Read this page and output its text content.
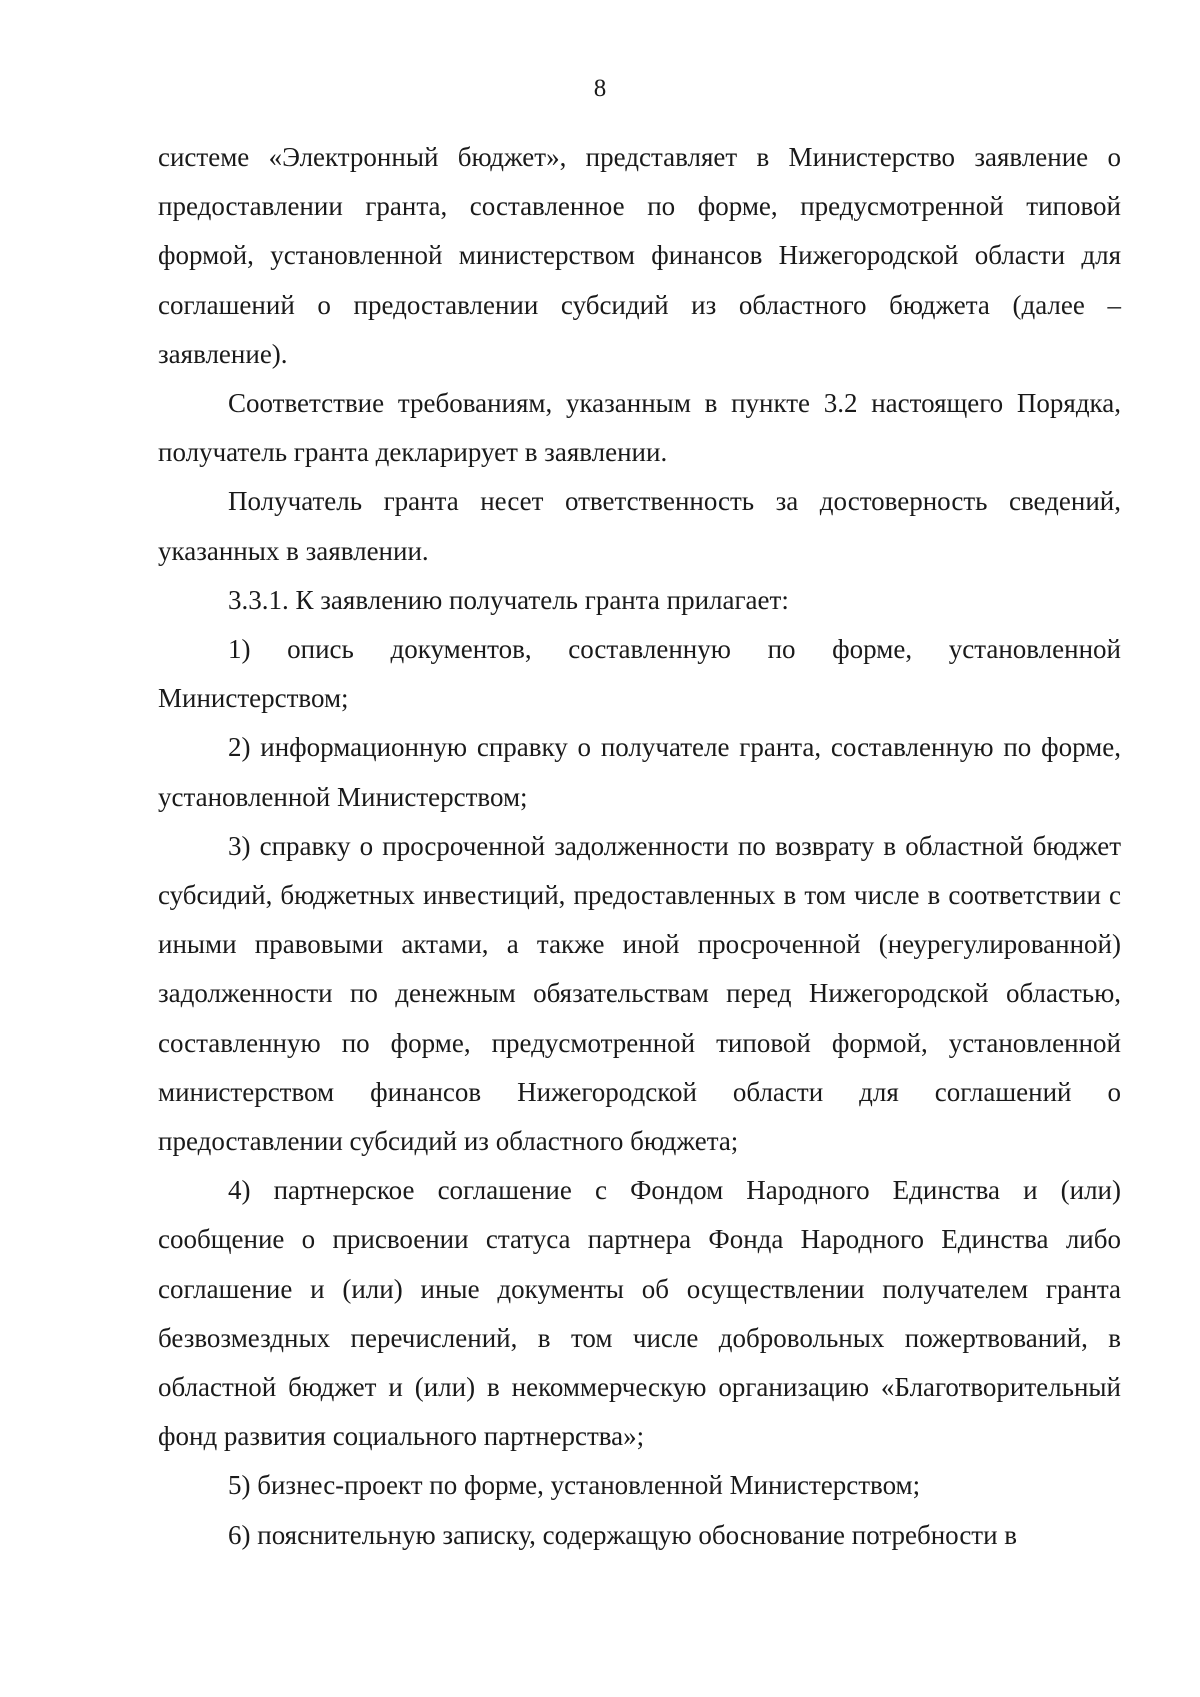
8

системе «Электронный бюджет», представляет в Министерство заявление о предоставлении гранта, составленное по форме, предусмотренной типовой формой, установленной министерством финансов Нижегородской области для соглашений о предоставлении субсидий из областного бюджета (далее – заявление).

Соответствие требованиям, указанным в пункте 3.2 настоящего Порядка, получатель гранта декларирует в заявлении.

Получатель гранта несет ответственность за достоверность сведений, указанных в заявлении.

3.3.1. К заявлению получатель гранта прилагает:

1) опись документов, составленную по форме, установленной Министерством;

2) информационную справку о получателе гранта, составленную по форме, установленной Министерством;

3) справку о просроченной задолженности по возврату в областной бюджет субсидий, бюджетных инвестиций, предоставленных в том числе в соответствии с иными правовыми актами, а также иной просроченной (неурегулированной) задолженности по денежным обязательствам перед Нижегородской областью, составленную по форме, предусмотренной типовой формой, установленной министерством финансов Нижегородской области для соглашений о предоставлении субсидий из областного бюджета;

4) партнерское соглашение с Фондом Народного Единства и (или) сообщение о присвоении статуса партнера Фонда Народного Единства либо соглашение и (или) иные документы об осуществлении получателем гранта безвозмездных перечислений, в том числе добровольных пожертвований, в областной бюджет и (или) в некоммерческую организацию «Благотворительный фонд развития социального партнерства»;

5) бизнес-проект по форме, установленной Министерством;

6) пояснительную записку, содержащую обоснование потребности в
